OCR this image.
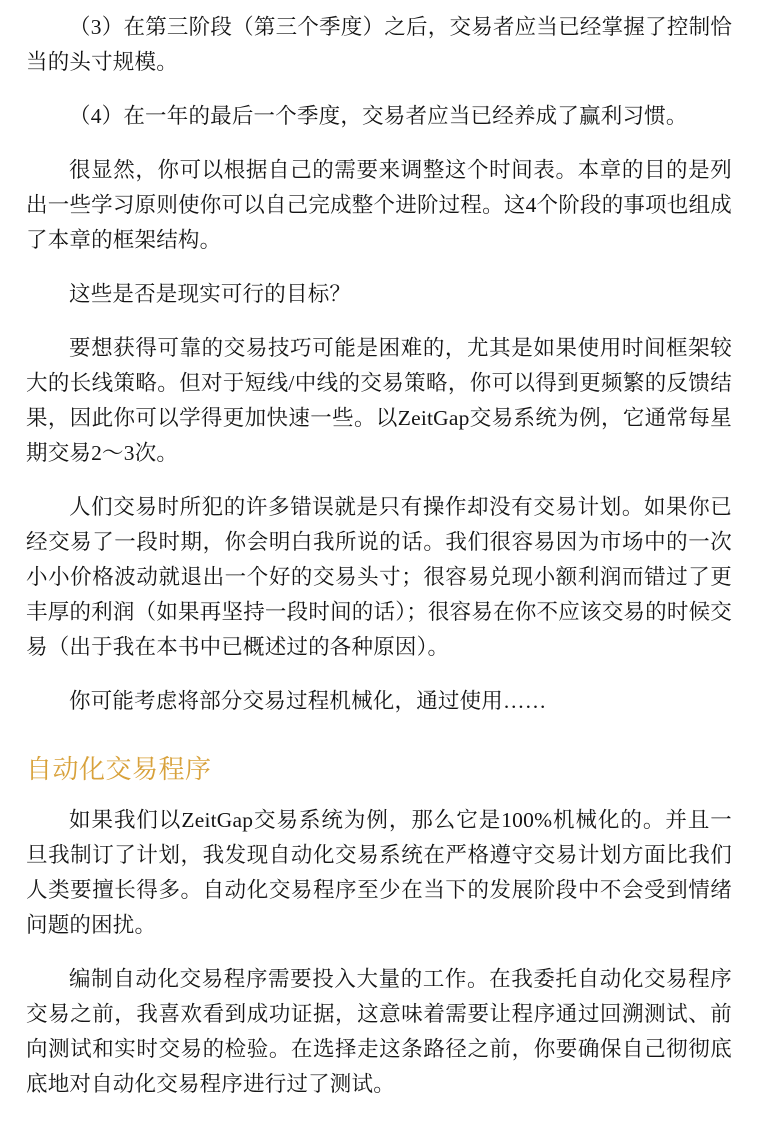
（3）在第三阶段（第三个季度）之后，交易者应当已经掌握了控制恰当的头寸规模。

（4）在一年的最后一个季度，交易者应当已经养成了赢利习惯。

很显然，你可以根据自己的需要来调整这个时间表。本章的目的是列出一些学习原则使你可以自己完成整个进阶过程。这4个阶段的事项也组成了本章的框架结构。

这些是否是现实可行的目标？

要想获得可靠的交易技巧可能是困难的，尤其是如果使用时间框架较大的长线策略。但对于短线/中线的交易策略，你可以得到更频繁的反馈结果，因此你可以学得更加快速一些。以ZeitGap交易系统为例，它通常每星期交易2～3次。

人们交易时所犯的许多错误就是只有操作却没有交易计划。如果你已经交易了一段时期，你会明白我所说的话。我们很容易因为市场中的一次小小价格波动就退出一个好的交易头寸；很容易兑现小额利润而错过了更丰厚的利润（如果再坚持一段时间的话）；很容易在你不应该交易的时候交易（出于我在本书中已概述过的各种原因）。

你可能考虑将部分交易过程机械化，通过使用……

自动化交易程序

如果我们以ZeitGap交易系统为例，那么它是100%机械化的。并且一旦我制订了计划，我发现自动化交易系统在严格遵守交易计划方面比我们人类要擅长得多。自动化交易程序至少在当下的发展阶段中不会受到情绪问题的困扰。

编制自动化交易程序需要投入大量的工作。在我委托自动化交易程序交易之前，我喜欢看到成功证据，这意味着需要让程序通过回溯测试、前向测试和实时交易的检验。在选择走这条路径之前，你要确保自己彻彻底底地对自动化交易程序进行过了测试。
